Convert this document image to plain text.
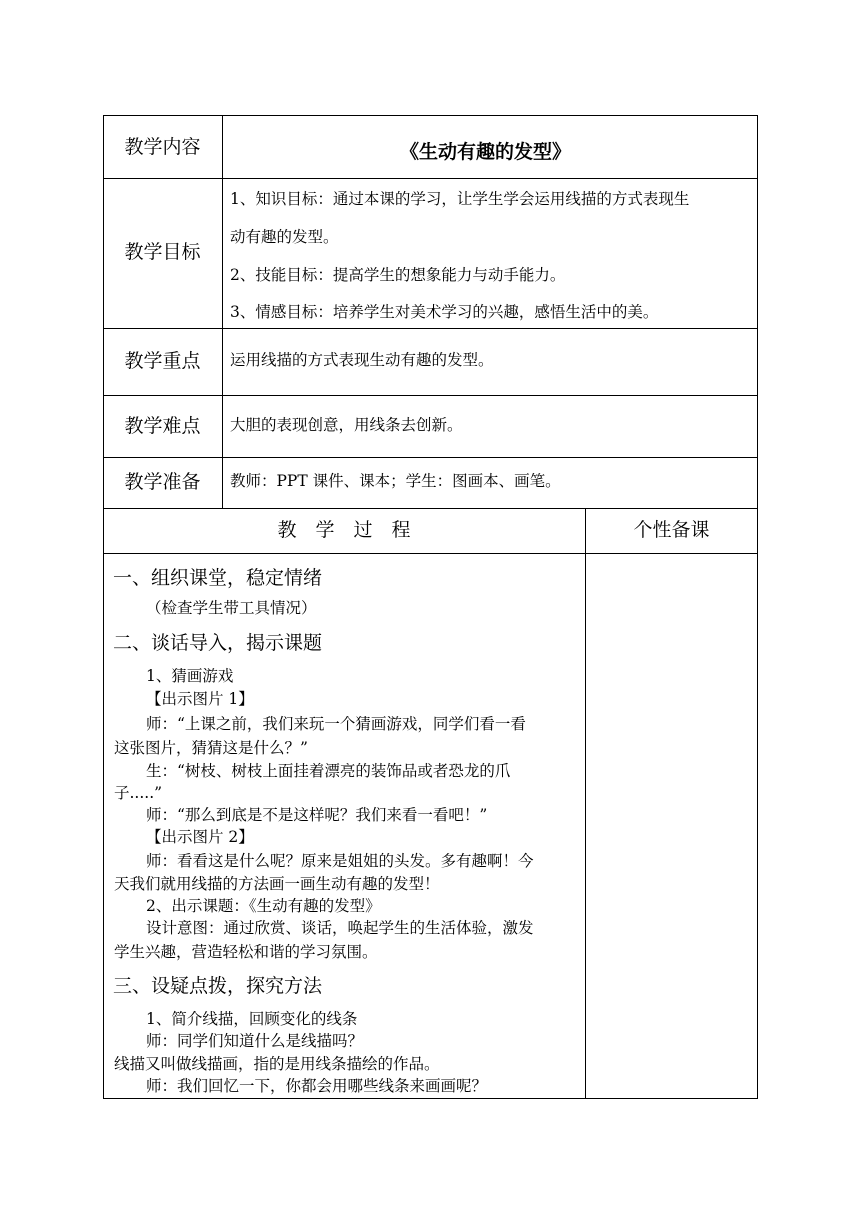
教学内容
教学目标
教学重点
教学难点
教学准备
《生动有趣的发型》
1、知识目标：通过本课的学习，让学生学会运用线描的方式表现生
动有趣的发型。
2、技能目标：提高学生的想象能力与动手能力。
3、情感目标：培养学生对美术学习的兴趣，感悟生活中的美。
运用线描的方式表现生动有趣的发型。
大胆的表现创意，用线条去创新。
教师：PPT 课件、课本；学生：图画本、画笔。
教　学　过　程	个性备课
一、组织课堂，稳定情绪
（检查学生带工具情况）
二、谈话导入，揭示课题
1、猜画游戏
【出示图片 1】
师：“上课之前，我们来玩一个猜画游戏，同学们看一看
这张图片，猜猜这是什么？”
生：“树枝、树枝上面挂着漂亮的装饰品或者恐龙的爪
子.....”
师：“那么到底是不是这样呢？我们来看一看吧！”
【出示图片 2】
师：看看这是什么呢？原来是姐姐的头发。多有趣啊！今
天我们就用线描的方法画一画生动有趣的发型！
2、出示课题：《生动有趣的发型》
设计意图：通过欣赏、谈话，唤起学生的生活体验，激发
学生兴趣，营造轻松和谐的学习氛围。
三、设疑点拨，探究方法
1、简介线描，回顾变化的线条
师：同学们知道什么是线描吗？
线描又叫做线描画，指的是用线条描绘的作品。
师：我们回忆一下，你都会用哪些线条来画画呢？
